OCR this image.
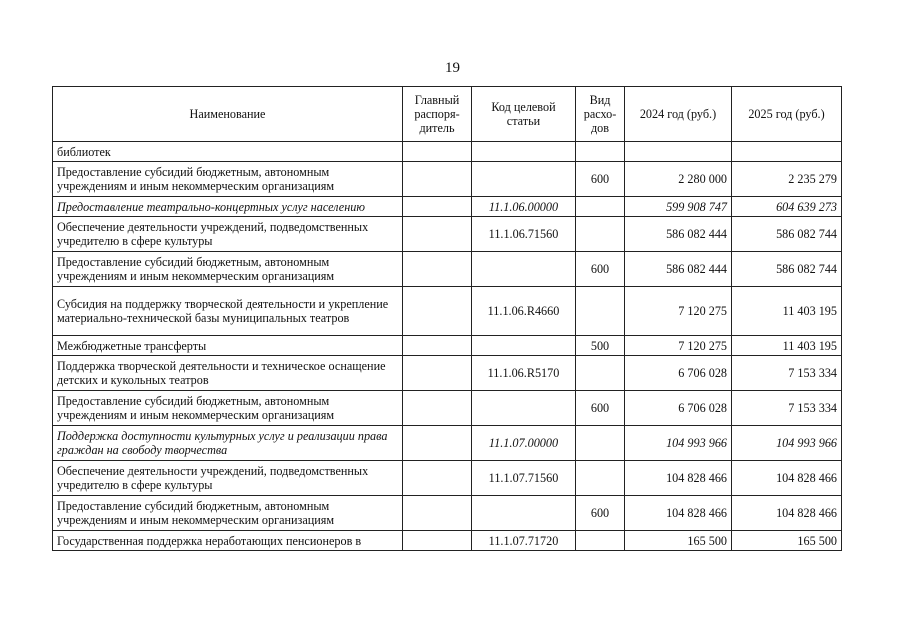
19
Наименование	Главный распоря-дитель	Код целевой статьи	Вид расхо-дов	2024 год (руб.)	2025 год (руб.)
библиотек					
Предоставление субсидий бюджетным, автономным учреждениям и иным некоммерческим организациям			600	2 280 000	2 235 279
Предоставление театрально-концертных услуг населению		11.1.06.00000		599 908 747	604 639 273
Обеспечение деятельности учреждений, подведомственных учредителю в сфере культуры		11.1.06.71560		586 082 444	586 082 744
Предоставление субсидий бюджетным, автономным учреждениям и иным некоммерческим организациям			600	586 082 444	586 082 744
Субсидия на поддержку творческой деятельности и укрепление материально-технической базы муниципальных театров		11.1.06.R4660		7 120 275	11 403 195
Межбюджетные трансферты			500	7 120 275	11 403 195
Поддержка творческой деятельности и техническое оснащение детских и кукольных театров		11.1.06.R5170		6 706 028	7 153 334
Предоставление субсидий бюджетным, автономным учреждениям и иным некоммерческим организациям			600	6 706 028	7 153 334
Поддержка доступности культурных услуг и реализации права граждан на свободу творчества		11.1.07.00000		104 993 966	104 993 966
Обеспечение деятельности учреждений, подведомственных учредителю в сфере культуры		11.1.07.71560		104 828 466	104 828 466
Предоставление субсидий бюджетным, автономным учреждениям и иным некоммерческим организациям			600	104 828 466	104 828 466
Государственная поддержка неработающих пенсионеров в		11.1.07.71720		165 500	165 500
